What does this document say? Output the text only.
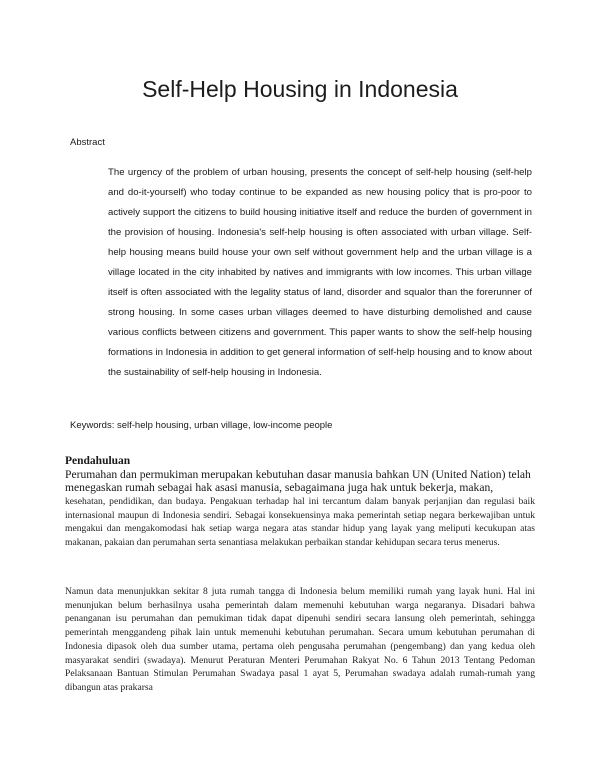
Self-Help Housing in Indonesia

Abstract

The urgency of the problem of urban housing, presents the concept of self-help housing (self-help and do-it-yourself) who today continue to be expanded as new housing policy that is pro-poor to actively support the citizens to build housing initiative itself and reduce the burden of government in the provision of housing. Indonesia's self-help housing is often associated with urban village. Self-help housing means build house your own self without government help and the urban village is a village located in the city inhabited by natives and immigrants with low incomes. This urban village itself is often associated with the legality status of land, disorder and squalor than the forerunner of strong housing. In some cases urban villages deemed to have disturbing demolished and cause various conflicts between citizens and government. This paper wants to show the self-help housing formations in Indonesia in addition to get general information of self-help housing and to know about the sustainability of self-help housing in Indonesia.

Keywords: self-help housing, urban village, low-income people

Pendahuluan

Perumahan dan permukiman merupakan kebutuhan dasar manusia bahkan UN (United Nation) telah menegaskan rumah sebagai hak asasi manusia, sebagaimana juga hak untuk bekerja, makan,

kesehatan, pendidikan, dan budaya. Pengakuan terhadap hal ini tercantum dalam banyak perjanjian dan regulasi baik internasional maupun di Indonesia sendiri. Sebagai konsekuensinya maka pemerintah setiap negara berkewajiban untuk mengakui dan mengakomodasi hak setiap warga negara atas standar hidup yang layak yang meliputi kecukupan atas makanan, pakaian dan perumahan serta senantiasa melakukan perbaikan standar kehidupan secara terus menerus.

Namun data menunjukkan sekitar 8 juta rumah tangga di Indonesia belum memiliki rumah yang layak huni. Hal ini menunjukan belum berhasilnya usaha pemerintah dalam memenuhi kebutuhan warga negaranya. Disadari bahwa penanganan isu perumahan dan pemukiman tidak dapat dipenuhi sendiri secara lansung oleh pemerintah, sehingga pemerintah menggandeng pihak lain untuk memenuhi kebutuhan perumahan. Secara umum kebutuhan perumahan di Indonesia dipasok oleh dua sumber utama, pertama oleh pengusaha perumahan (pengembang) dan yang kedua oleh masyarakat sendiri (swadaya). Menurut Peraturan Menteri Perumahan Rakyat No. 6 Tahun 2013 Tentang Pedoman Pelaksanaan Bantuan Stimulan Perumahan Swadaya pasal 1 ayat 5, Perumahan swadaya adalah rumah-rumah yang dibangun atas prakarsa
